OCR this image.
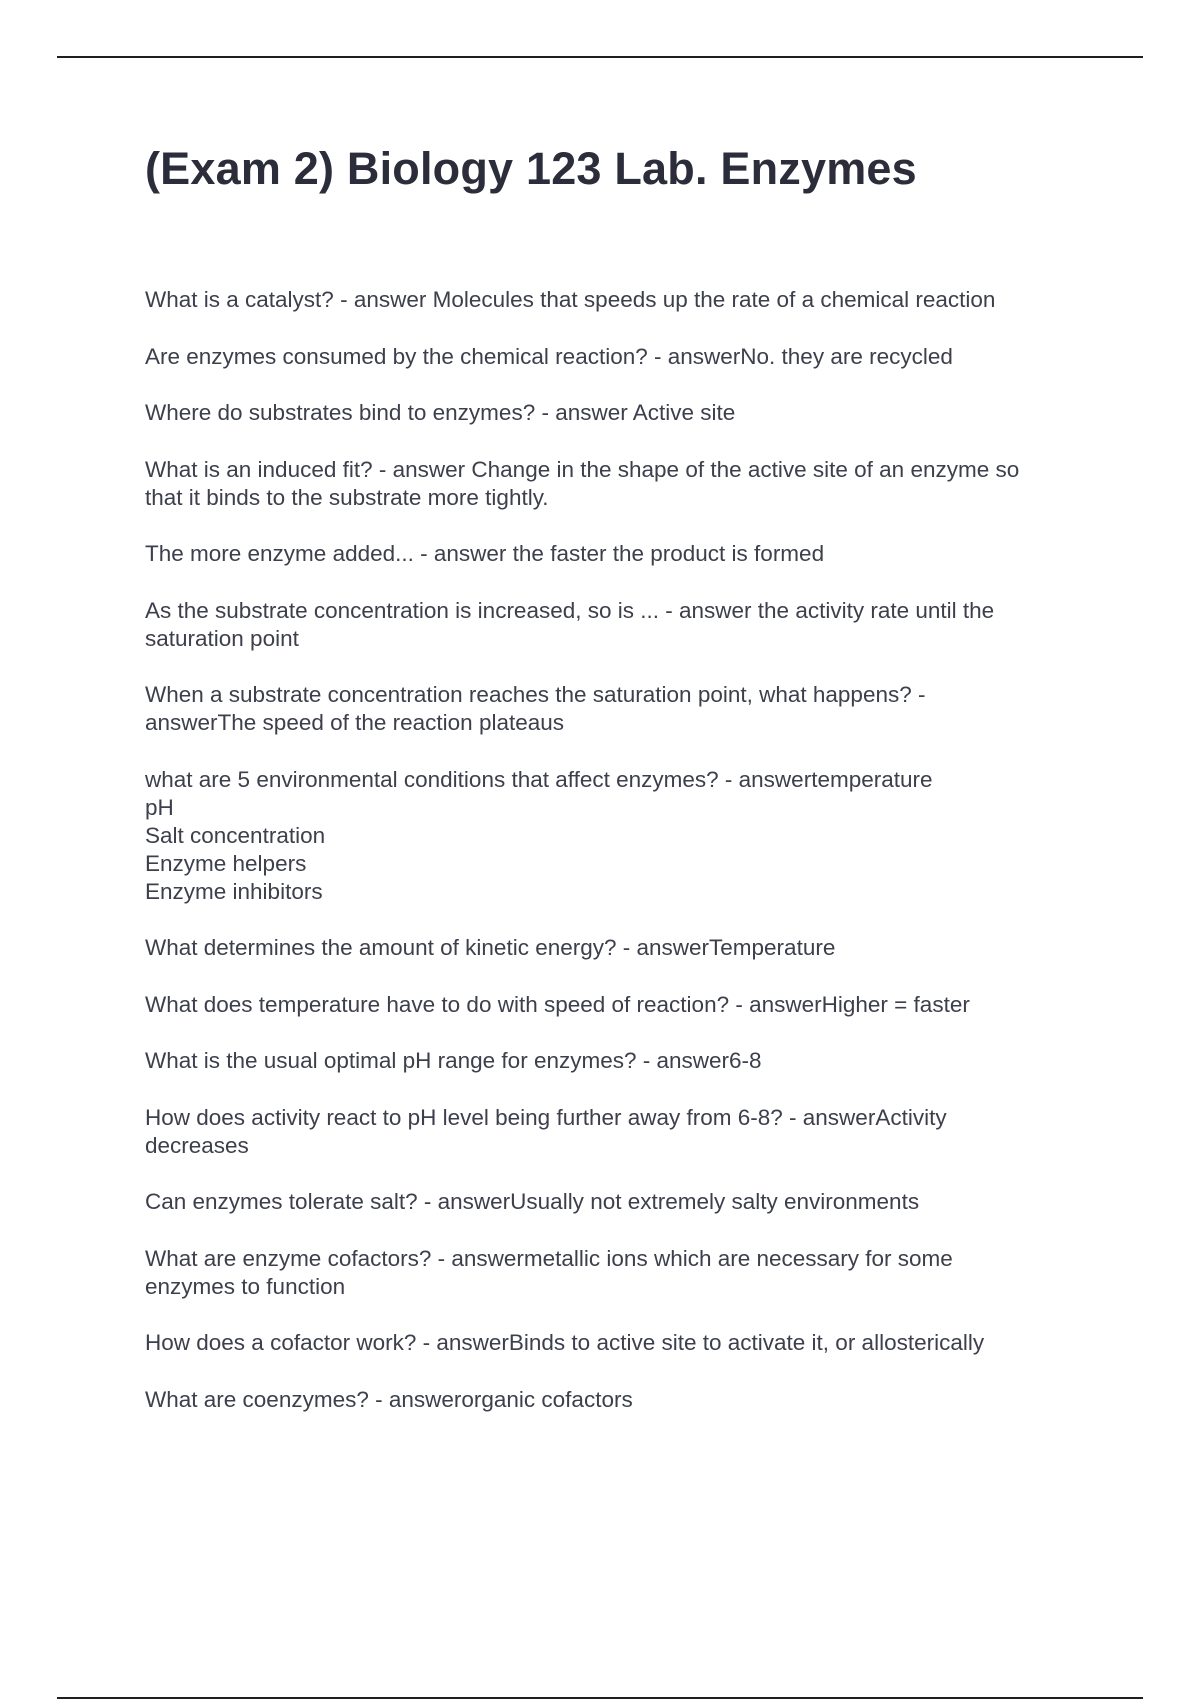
(Exam 2) Biology 123 Lab. Enzymes
What is a catalyst? - answer Molecules that speeds up the rate of a chemical reaction
Are enzymes consumed by the chemical reaction? - answerNo. they are recycled
Where do substrates bind to enzymes? - answer Active site
What is an induced fit? - answer Change in the shape of the active site of an enzyme so
that it binds to the substrate more tightly.
The more enzyme added... - answer the faster the product is formed
As the substrate concentration is increased, so is ... - answer the activity rate until the
saturation point
When a substrate concentration reaches the saturation point, what happens? -
answerThe speed of the reaction plateaus
what are 5 environmental conditions that affect enzymes? - answertemperature
pH
Salt concentration
Enzyme helpers
Enzyme inhibitors
What determines the amount of kinetic energy? - answerTemperature
What does temperature have to do with speed of reaction? - answerHigher = faster
What is the usual optimal pH range for enzymes? - answer6-8
How does activity react to pH level being further away from 6-8? - answerActivity
decreases
Can enzymes tolerate salt? - answerUsually not extremely salty environments
What are enzyme cofactors? - answermetallic ions which are necessary for some
enzymes to function
How does a cofactor work? - answerBinds to active site to activate it, or allosterically
What are coenzymes? - answerorganic cofactors
